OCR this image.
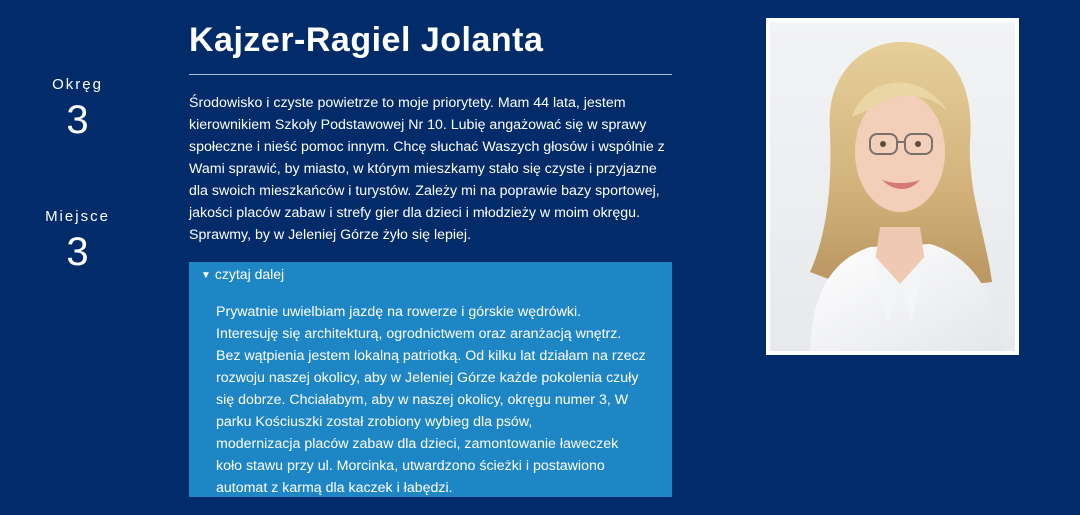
Okręg
3
Miejsce
3
Kajzer-Ragiel Jolanta

Środowisko i czyste powietrze to moje priorytety. Mam 44 lata, jestem kierownikiem Szkoły Podstawowej Nr 10. Lubię angażować się w sprawy społeczne i nieść pomoc innym. Chcę słuchać Waszych głosów i wspólnie z Wami sprawić, by miasto, w którym mieszkamy stało się czyste i przyjazne dla swoich mieszkańców i turystów. Zależy mi na poprawie bazy sportowej, jakości placów zabaw i strefy gier dla dzieci i młodzieży w moim okręgu. Sprawmy, by w Jeleniej Górze żyło się lepiej.

▼ czytaj dalej

Prywatnie uwielbiam jazdę na rowerze i górskie wędrówki.
Interesuję się architekturą, ogrodnictwem oraz aranżacją wnętrz.
Bez wątpienia jestem lokalną patriotką. Od kilku lat działam na rzecz rozwoju naszej okolicy, aby w Jeleniej Górze każde pokolenia czuły się dobrze. Chciałabym, aby w naszej okolicy, okręgu numer 3, W parku Kościuszki został zrobiony wybieg dla psów,
modernizacja placów zabaw dla dzieci, zamontowanie ławeczek
koło stawu przy ul. Morcinka, utwardzono ścieżki i postawiono automat z karmą dla kaczek i łabędzi.
